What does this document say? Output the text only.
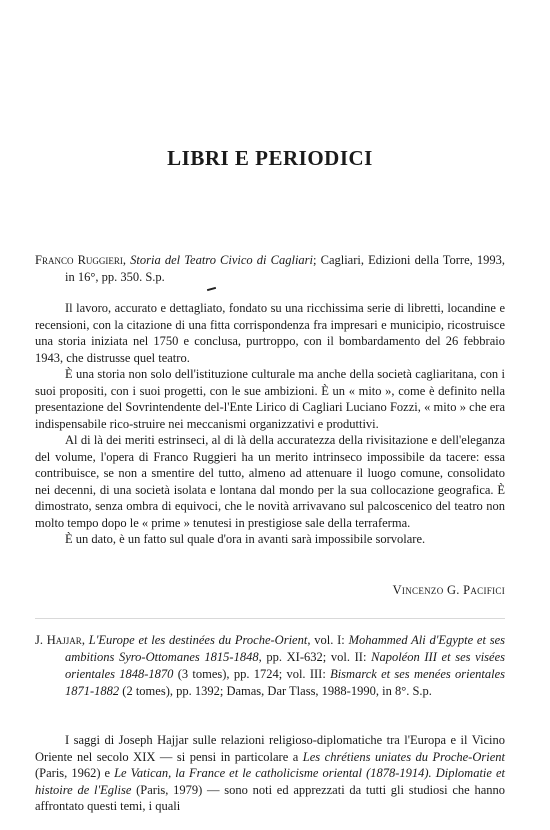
LIBRI E PERIODICI
Franco Ruggieri, Storia del Teatro Civico di Cagliari; Cagliari, Edizioni della Torre, 1993, in 16°, pp. 350. S.p.

Il lavoro, accurato e dettagliato, fondato su una ricchissima serie di libretti, locandine e recensioni, con la citazione di una fitta corrispondenza fra impresari e municipio, ricostruisce una storia iniziata nel 1750 e conclusa, purtroppo, con il bombardamento del 26 febbraio 1943, che distrusse quel teatro.

È una storia non solo dell'istituzione culturale ma anche della società cagliaritana, con i suoi propositi, con i suoi progetti, con le sue ambizioni. È un « mito », come è definito nella presentazione del Sovrintendente del-l'Ente Lirico di Cagliari Luciano Fozzi, « mito » che era indispensabile rico-struire nei meccanismi organizzativi e produttivi.

Al di là dei meriti estrinseci, al di là della accuratezza della rivisitazione e dell'eleganza del volume, l'opera di Franco Ruggieri ha un merito intrinseco impossibile da tacere: essa contribuisce, se non a smentire del tutto, almeno ad attenuare il luogo comune, consolidato nei decenni, di una società isolata e lontana dal mondo per la sua collocazione geografica. È dimostrato, senza ombra di equivoci, che le novità arrivavano sul palcoscenico del teatro non molto tempo dopo le « prime » tenutesi in prestigiose sale della terraferma.

È un dato, è un fatto sul quale d'ora in avanti sarà impossibile sorvolare.

Vincenzo G. Pacifici
J. Hajjar, L'Europe et les destinées du Proche-Orient, vol. I: Mohammed Ali d'Egypte et ses ambitions Syro-Ottomanes 1815-1848, pp. XI-632; vol. II: Napoléon III et ses visées orientales 1848-1870 (3 tomes), pp. 1724; vol. III: Bismarck et ses menées orientales 1871-1882 (2 tomes), pp. 1392; Damas, Dar Tlass, 1988-1990, in 8°. S.p.

I saggi di Joseph Hajjar sulle relazioni religioso-diplomatiche tra l'Europa e il Vicino Oriente nel secolo XIX — si pensi in particolare a Les chrétiens uniates du Proche-Orient (Paris, 1962) e Le Vatican, la France et le catholicisme oriental (1878-1914). Diplomatie et histoire de l'Eglise (Paris, 1979) — sono noti ed apprezzati da tutti gli studiosi che hanno affrontato questi temi, i quali
